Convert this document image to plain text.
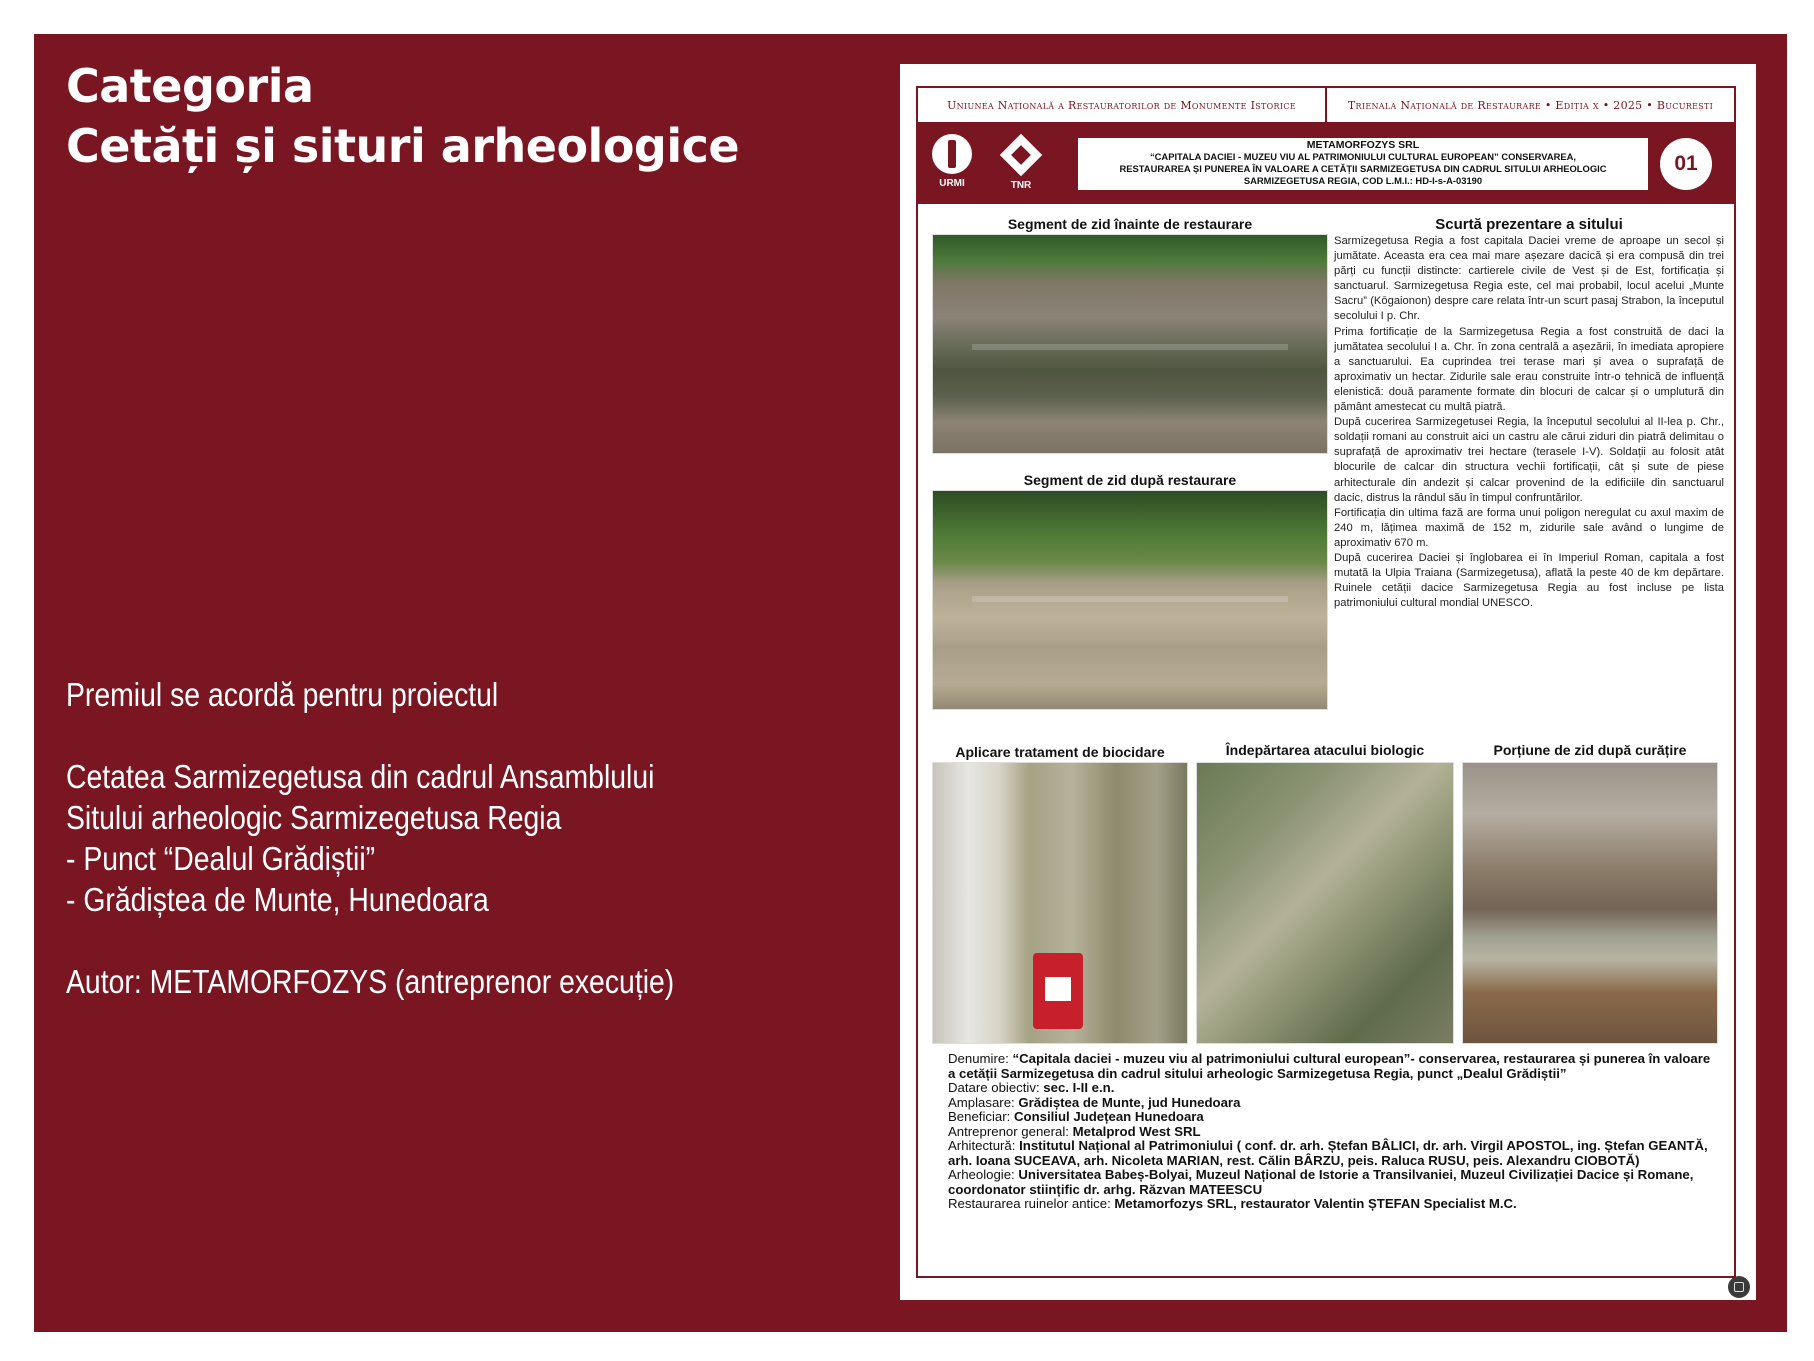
Categoria
Cetăți și situri arheologice

Premiul se acordă pentru proiectul

Cetatea Sarmizegetusa din cadrul Ansamblului

Sitului arheologic Sarmizegetusa Regia

- Punct “Dealul Grădiștii”

- Grădiștea de Munte, Hunedoara

Autor: METAMORFOZYS (antreprenor execuție)

Uniunea Națională a Restauratorilor de Monumente Istorice	Trienala Națională de Restaurare • Ediția x • 2025 • București
URMI	TNR
METAMORFOZYS SRL
“CAPITALA DACIEI - MUZEU VIU AL PATRIMONIULUI CULTURAL EUROPEAN” CONSERVAREA,
RESTAURAREA ȘI PUNEREA ÎN VALOARE A CETĂȚII SARMIZEGETUSA DIN CADRUL SITULUI ARHEOLOGIC
SARMIZEGETUSA REGIA, COD L.M.I.: HD-I-s-A-03190
01
Segment de zid înainte de restaurare
Segment de zid după restaurare
Scurtă prezentare a sitului

Sarmizegetusa Regia a fost capitala Daciei vreme de aproape un secol și jumătate. Aceasta era cea mai mare așezare dacică și era compusă din trei părți cu funcții distincte: cartierele civile de Vest și de Est, fortificația și sanctuarul. Sarmizegetusa Regia este, cel mai probabil, locul acelui „Munte Sacru” (Kōgaionon) despre care relata într-un scurt pasaj Strabon, la începutul secolului I p. Chr.

Prima fortificație de la Sarmizegetusa Regia a fost construită de daci la jumătatea secolului I a. Chr. în zona centrală a așezării, în imediata apropiere a sanctuarului. Ea cuprindea trei terase mari și avea o suprafață de aproximativ un hectar. Zidurile sale erau construite într-o tehnică de influență elenistică: două paramente formate din blocuri de calcar și o umplutură din pământ amestecat cu multă piatră.

După cucerirea Sarmizegetusei Regia, la începutul secolului al II-lea p. Chr., soldații romani au construit aici un castru ale cărui ziduri din piatră delimitau o suprafață de aproximativ trei hectare (terasele I-V). Soldații au folosit atât blocurile de calcar din structura vechii fortificații, cât și sute de piese arhitecturale din andezit și calcar provenind de la edificiile din sanctuarul dacic, distrus la rândul său în timpul confruntărilor.

Fortificația din ultima fază are forma unui poligon neregulat cu axul maxim de 240 m, lățimea maximă de 152 m, zidurile sale având o lungime de aproximativ 670 m.

După cucerirea Daciei și înglobarea ei în Imperiul Roman, capitala a fost mutată la Ulpia Traiana (Sarmizegetusa), aflată la peste 40 de km depărtare. Ruinele cetății dacice Sarmizegetusa Regia au fost incluse pe lista patrimoniului cultural mondial UNESCO.

Aplicare tratament de biocidare	Îndepărtarea atacului biologic	Porțiune de zid după curățire
Denumire: “Capitala daciei - muzeu viu al patrimoniului cultural european”- conservarea, restaurarea și punerea în valoare a cetății Sarmizegetusa din cadrul sitului arheologic Sarmizegetusa Regia, punct „Dealul Grădiștii”
Datare obiectiv: sec. I-II e.n.
Amplasare: Grădiștea de Munte, jud Hunedoara
Beneficiar: Consiliul Județean Hunedoara
Antreprenor general: Metalprod West SRL
Arhitectură: Institutul Național al Patrimoniului ( conf. dr. arh. Ștefan BÂLICI, dr. arh. Virgil APOSTOL, ing. Ștefan GEANTĂ, arh. Ioana SUCEAVA, arh. Nicoleta MARIAN, rest. Călin BÂRZU, peis. Raluca RUSU, peis. Alexandru CIOBOTĂ)
Arheologie: Universitatea Babeș-Bolyai, Muzeul Național de Istorie a Transilvaniei, Muzeul Civilizației Dacice și Romane, coordonator stiințific dr. arhg. Răzvan MATEESCU
Restaurarea ruinelor antice: Metamorfozys SRL, restaurator Valentin ȘTEFAN Specialist M.C.
